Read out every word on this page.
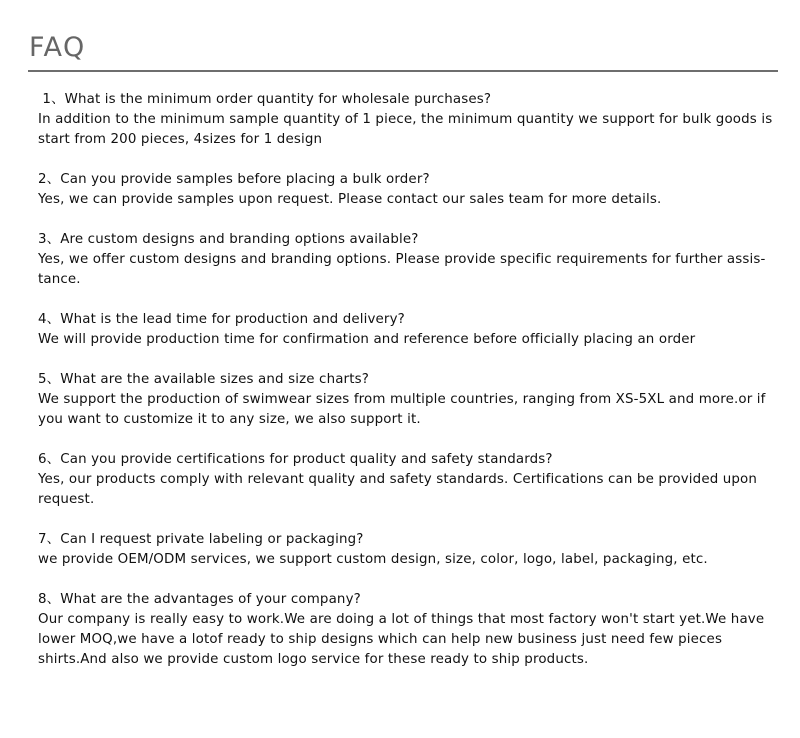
FAQ
1、What is the minimum order quantity for wholesale purchases?
In addition to the minimum sample quantity of 1 piece, the minimum quantity we support for bulk goods is start from 200 pieces, 4sizes for 1 design
2、Can you provide samples before placing a bulk order?
Yes, we can provide samples upon request. Please contact our sales team for more details.
3、Are custom designs and branding options available?
Yes, we offer custom designs and branding options. Please provide specific requirements for further assis-tance.
4、What is the lead time for production and delivery?
We will provide production time for confirmation and reference before officially placing an order
5、What are the available sizes and size charts?
We support the production of swimwear sizes from multiple countries, ranging from XS-5XL and more.or if you want to customize it to any size, we also support it.
6、Can you provide certifications for product quality and safety standards?
Yes, our products comply with relevant quality and safety standards. Certifications can be provided upon request.
7、Can I request private labeling or packaging?
we provide OEM/ODM services, we support custom design, size, color, logo, label, packaging, etc.
8、What are the advantages of your company?
Our company is really easy to work.We are doing a lot of things that most factory won't start yet.We have lower MOQ,we have a lotof ready to ship designs which can help new business just need few pieces shirts.And also we provide custom logo service for these ready to ship products.
